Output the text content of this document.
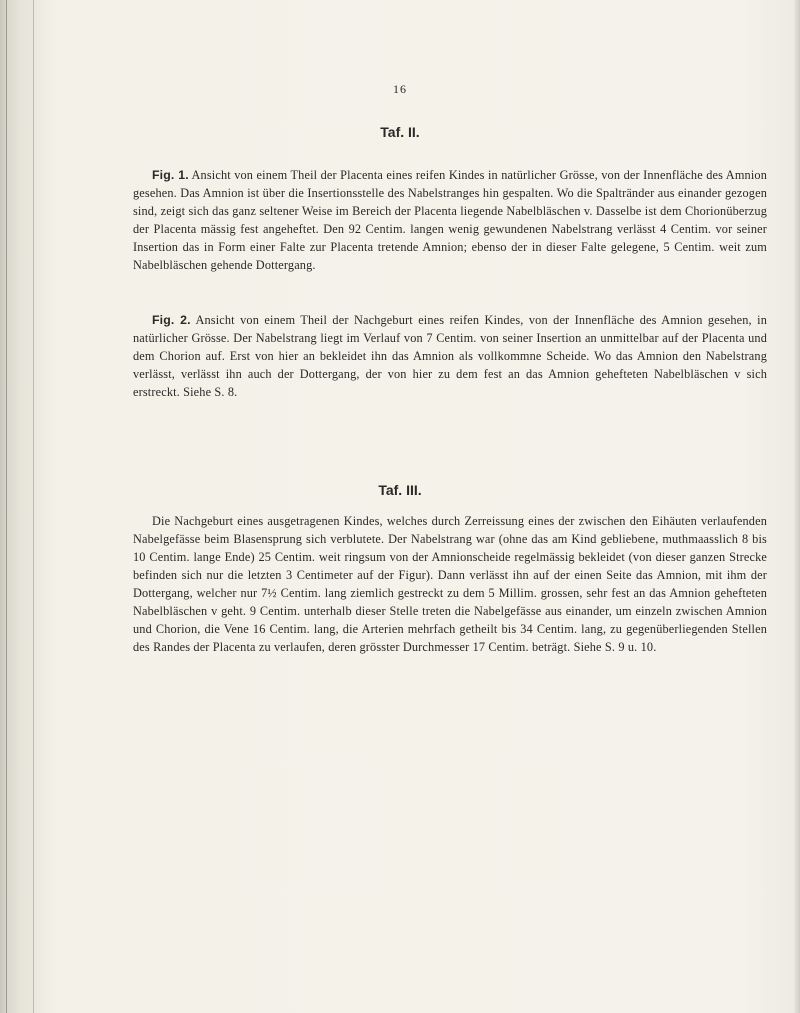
16
Taf. II.

Fig. 1. Ansicht von einem Theil der Placenta eines reifen Kindes in natürlicher Grösse, von der Innenfläche des Amnion gesehen. Das Amnion ist über die Insertionsstelle des Nabelstranges hin gespalten. Wo die Spaltränder aus einander gezogen sind, zeigt sich das ganz seltener Weise im Bereich der Placenta liegende Nabelbläschen v. Dasselbe ist dem Chorionüberzug der Placenta mässig fest angeheftet. Den 92 Centim. langen wenig gewundenen Nabelstrang verlässt 4 Centim. vor seiner Insertion das in Form einer Falte zur Placenta tretende Amnion; ebenso der in dieser Falte gelegene, 5 Centim. weit zum Nabelbläschen gehende Dottergang.

Fig. 2. Ansicht von einem Theil der Nachgeburt eines reifen Kindes, von der Innenfläche des Amnion gesehen, in natürlicher Grösse. Der Nabelstrang liegt im Verlauf von 7 Centim. von seiner Insertion an unmittelbar auf der Placenta und dem Chorion auf. Erst von hier an bekleidet ihn das Amnion als vollkommne Scheide. Wo das Amnion den Nabelstrang verlässt, verlässt ihn auch der Dottergang, der von hier zu dem fest an das Amnion gehefteten Nabelbläschen v sich erstreckt. Siehe S. 8.

Taf. III.

Die Nachgeburt eines ausgetragenen Kindes, welches durch Zerreissung eines der zwischen den Eihäuten verlaufenden Nabelgefässe beim Blasensprung sich verblutete. Der Nabelstrang war (ohne das am Kind gebliebene, muthmaasslich 8 bis 10 Centim. lange Ende) 25 Centim. weit ringsum von der Amnionscheide regelmässig bekleidet (von dieser ganzen Strecke befinden sich nur die letzten 3 Centimeter auf der Figur). Dann verlässt ihn auf der einen Seite das Amnion, mit ihm der Dottergang, welcher nur 7½ Centim. lang ziemlich gestreckt zu dem 5 Millim. grossen, sehr fest an das Amnion gehefteten Nabelbläschen v geht. 9 Centim. unterhalb dieser Stelle treten die Nabelgefässe aus einander, um einzeln zwischen Amnion und Chorion, die Vene 16 Centim. lang, die Arterien mehrfach getheilt bis 34 Centim. lang, zu gegenüberliegenden Stellen des Randes der Placenta zu verlaufen, deren grösster Durchmesser 17 Centim. beträgt. Siehe S. 9 u. 10.
